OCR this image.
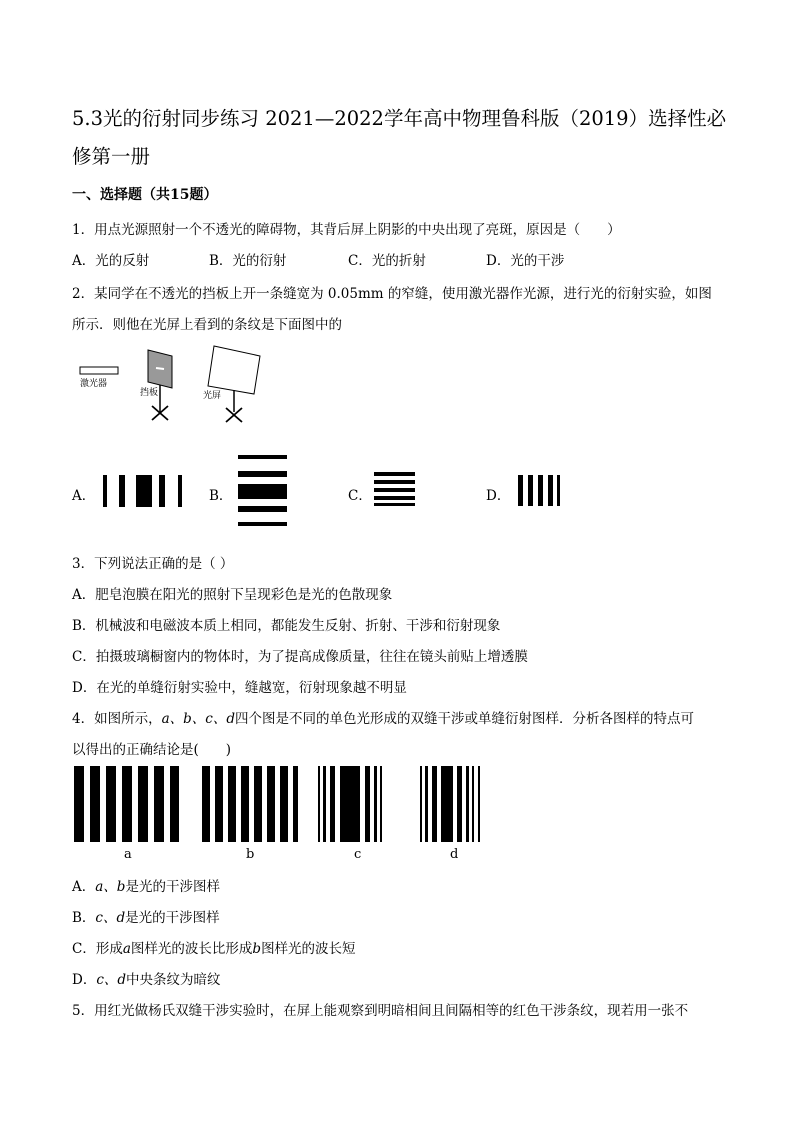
5.3光的衍射同步练习 2021—2022学年高中物理鲁科版（2019）选择性必修第一册
一、选择题（共15题）
1．用点光源照射一个不透光的障碍物，其背后屏上阴影的中央出现了亮斑，原因是（　　）
A．光的反射	B．光的衍射	C．光的折射	D．光的干涉
2．某同学在不透光的挡板上开一条缝宽为 0.05mm 的窄缝，使用激光器作光源，进行光的衍射实验，如图
所示．则他在光屏上看到的条纹是下面图中的
激光器
挡板	光屏
A．	B．	C．	D．
3．下列说法正确的是（ ）
A．肥皂泡膜在阳光的照射下呈现彩色是光的色散现象
B．机械波和电磁波本质上相同，都能发生反射、折射、干涉和衍射现象
C．拍摄玻璃橱窗内的物体时，为了提高成像质量，往往在镜头前贴上增透膜
D．在光的单缝衍射实验中，缝越宽，衍射现象越不明显
4．如图所示，a、b、c、d四个图是不同的单色光形成的双缝干涉或单缝衍射图样．分析各图样的特点可
以得出的正确结论是(　　)
a	b	c	d
A．a、b是光的干涉图样
B．c、d是光的干涉图样
C．形成a图样光的波长比形成b图样光的波长短
D．c、d中央条纹为暗纹
5．用红光做杨氏双缝干涉实验时，在屏上能观察到明暗相间且间隔相等的红色干涉条纹，现若用一张不
